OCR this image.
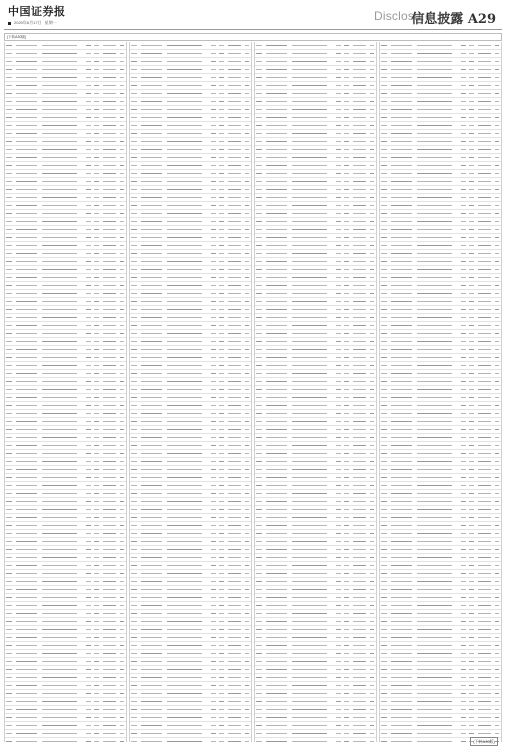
中国证券报
2020年6月17日 星期一	Disclosure
信息披露 A29
(下转A30版)
(下转A30版)
